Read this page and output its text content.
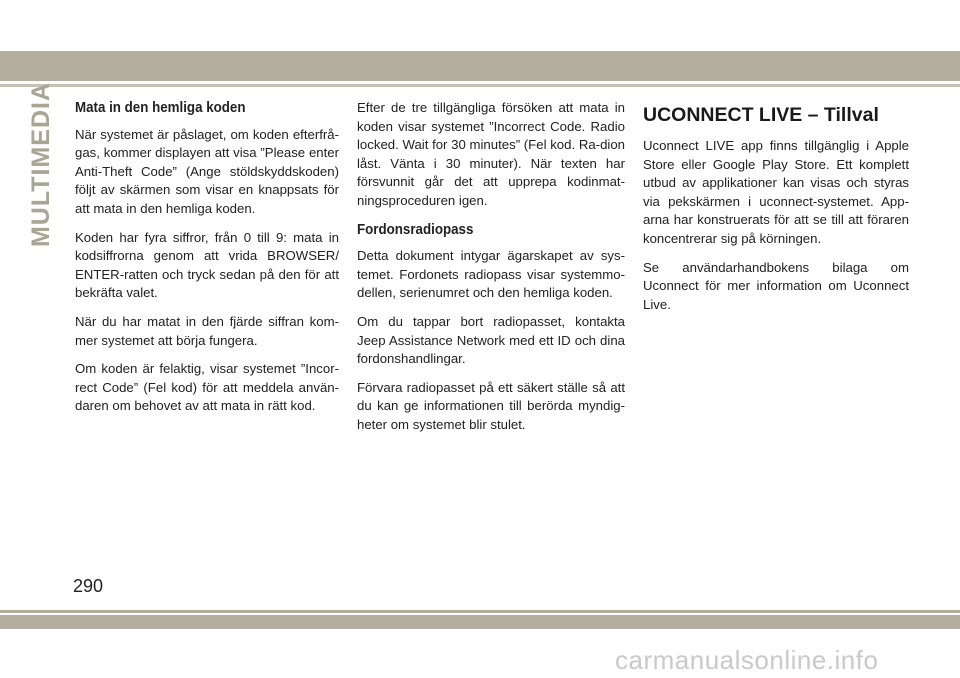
MULTIMEDIA Mata in den hemliga koden

När systemet är påslaget, om koden efterfrå-gas, kommer displayen att visa ”Please enter Anti-Theft Code” (Ange stöldskyddskoden) följt av skärmen som visar en knappsats för att mata in den hemliga koden.

Koden har fyra siffror, från 0 till 9: mata in kodsiffrorna genom att vrida BROWSER/ ENTER-ratten och tryck sedan på den för att bekräfta valet.

När du har matat in den fjärde siffran kom-mer systemet att börja fungera.

Om koden är felaktig, visar systemet ”Incor-rect Code” (Fel kod) för att meddela använ-daren om behovet av att mata in rätt kod.

Efter de tre tillgängliga försöken att mata in koden visar systemet ”Incorrect Code. Radio locked. Wait for 30 minutes” (Fel kod. Ra-dion låst. Vänta i 30 minuter). När texten har försvunnit går det att upprepa kodinmat-ningsproceduren igen.

Fordonsradiopass

Detta dokument intygar ägarskapet av sys-temet. Fordonets radiopass visar systemmo-dellen, serienumret och den hemliga koden.

Om du tappar bort radiopasset, kontakta Jeep Assistance Network med ett ID och dina fordonshandlingar.

Förvara radiopasset på ett säkert ställe så att du kan ge informationen till berörda myndig-heter om systemet blir stulet.

UCONNECT LIVE – Tillval

Uconnect LIVE app finns tillgänglig i Apple Store eller Google Play Store. Ett komplett utbud av applikationer kan visas och styras via pekskärmen i uconnect-systemet. App-arna har konstruerats för att se till att föraren koncentrerar sig på körningen.

Se användarhandbokens bilaga om Uconnect för mer information om Uconnect Live.

290
carmanualsonline.info
